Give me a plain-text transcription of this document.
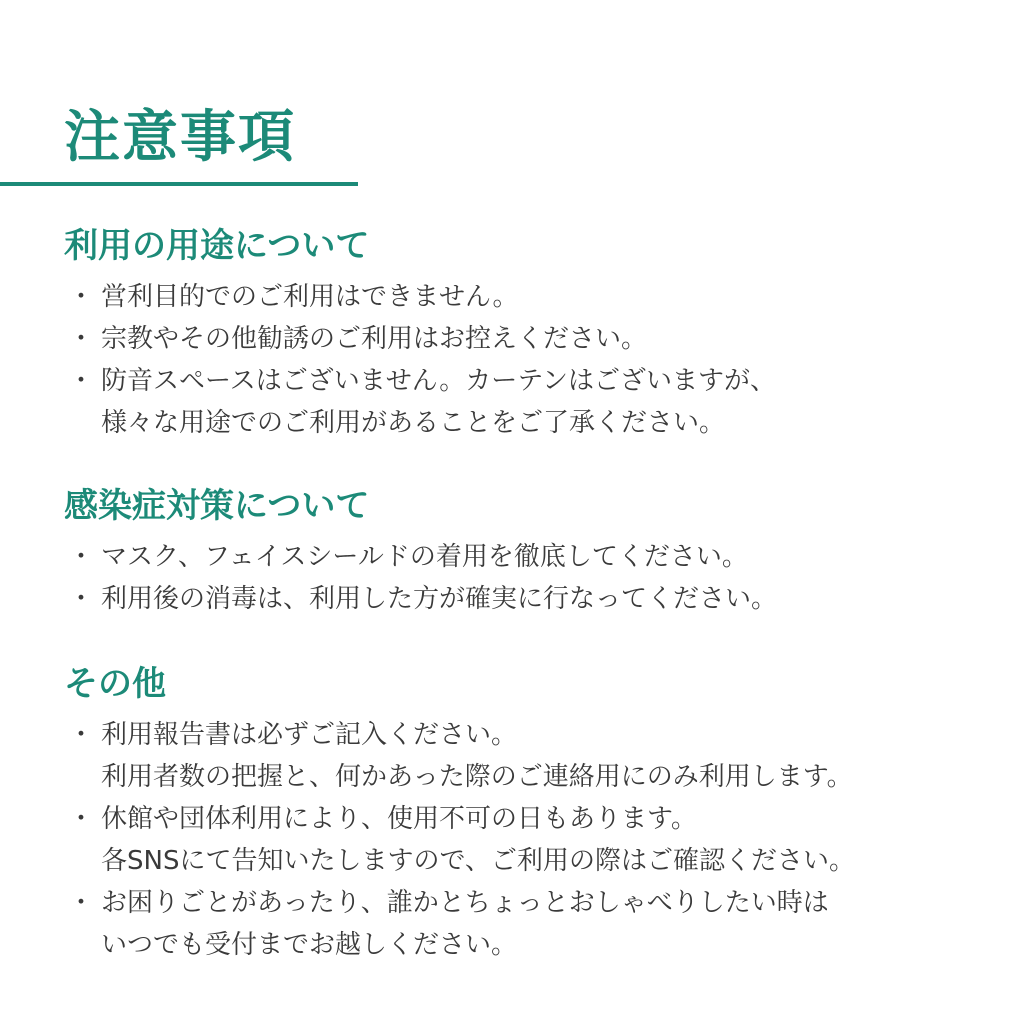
注意事項
利用の用途について
・ 営利目的でのご利用はできません。
・ 宗教やその他勧誘のご利用はお控えください。
・ 防音スペースはございません。カーテンはございますが、
様々な用途でのご利用があることをご了承ください。
感染症対策について
・ マスク、フェイスシールドの着用を徹底してください。
・ 利用後の消毒は、利用した方が確実に行なってください。
その他
・ 利用報告書は必ずご記入ください。
利用者数の把握と、何かあった際のご連絡用にのみ利用します。
・ 休館や団体利用により、使用不可の日もあります。
各SNSにて告知いたしますので、ご利用の際はご確認ください。
・ お困りごとがあったり、誰かとちょっとおしゃべりしたい時は
いつでも受付までお越しください。
